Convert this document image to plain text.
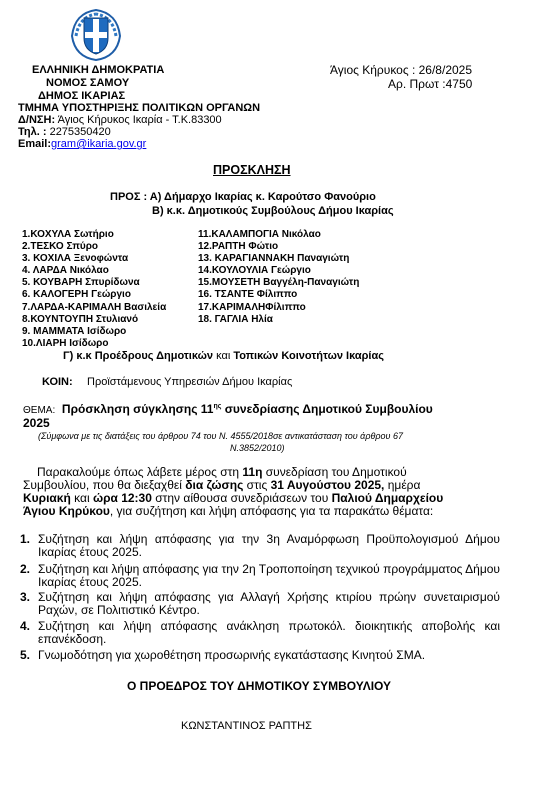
ΕΛΛΗΝΙΚΗ ΔΗΜΟΚΡΑΤΙΑ
ΝΟΜΟΣ ΣΑΜΟΥ
ΔΗΜΟΣ ΙΚΑΡΙΑΣ
ΤΜΗΜΑ ΥΠΟΣΤΗΡΙΞΗΣ ΠΟΛΙΤΙΚΩΝ ΟΡΓΑΝΩΝ
Δ/ΝΣΗ: Άγιος Κήρυκος Ικαρία - Τ.Κ.83300
Τηλ. : 2275350420
Email:gram@ikaria.gov.gr
Άγιος Κήρυκος : 26/8/2025
Αρ. Πρωτ :4750
ΠΡΟΣΚΛΗΣΗ
ΠΡΟΣ : Α) Δήμαρχο Ικαρίας κ. Καρούτσο Φανούριο
Β) κ.κ. Δημοτικούς Συμβούλους Δήμου Ικαρίας
1.ΚΟΧΥΛΑ Σωτήριο
2.ΤΕΣΚΟ Σπύρο
3. ΚΟΧΙΛΑ Ξενοφώντα
4. ΛΑΡΔΑ Νικόλαο
5. ΚΟΥΒΑΡΗ Σπυρίδωνα
6. ΚΑΛΟΓΕΡΗ Γεώργιο
7.ΛΑΡΔΑ-ΚΑΡΙΜΑΛΗ Βασιλεία
8.ΚΟΥΝΤΟΥΠΗ Στυλιανό
9. ΜΑΜΜΑΤΑ Ισίδωρο
10.ΛΙΑΡΗ Ισίδωρο
11.ΚΑΛΑΜΠΟΓΙΑ Νικόλαο
12.ΡΑΠΤΗ Φώτιο
13. ΚΑΡΑΓΙΑΝΝΑΚΗ Παναγιώτη
14.ΚΟΥΛΟΥΛΙΑ Γεώργιο
15.ΜΟΥΣΕΤΗ Βαγγέλη-Παναγιώτη
16. ΤΣΑΝΤΕ Φίλιππο
17.ΚΑΡΙΜΑΛΗΦίλιππο
18. ΓΑΓΛΙΑ Ηλία
Γ) κ.κ Προέδρους Δημοτικών και Τοπικών Κοινοτήτων Ικαρίας
ΚΟΙΝ: Προϊστάμενους Υπηρεσιών Δήμου Ικαρίας
ΘΕΜΑ: Πρόσκληση σύγκλησης $11^{\eta\varsigma}$ συνεδρίασης Δημοτικού Συμβουλίου
2025
(Σύμφωνα με τις διατάξεις του άρθρου 74 του Ν. 4555/2018σε αντικατάσταση του άρθρου 67
Ν.3852/2010)
Παρακαλούμε όπως λάβετε μέρος στη 11η συνεδρίαση του Δημοτικού
Συμβουλίου, που θα διεξαχθεί δια ζώσης στις 31 Αυγούστου 2025, ημέρα
Κυριακή και ώρα 12:30 στην αίθουσα συνεδριάσεων του Παλιού Δημαρχείου
Άγιου Κηρύκου, για συζήτηση και λήψη απόφασης για τα παρακάτω θέματα:
1. Συζήτηση και λήψη απόφασης για την 3η Αναμόρφωση Προϋπολογισμού Δήμου Ικαρίας έτους 2025.
2. Συζήτηση και λήψη απόφασης για την 2η Τροποποίηση τεχνικού προγράμματος Δήμου Ικαρίας έτους 2025.
3. Συζήτηση και λήψη απόφασης για Αλλαγή Χρήσης κτιρίου πρώην συνεταιρισμού Ραχών, σε Πολιτιστικό Κέντρο.
4. Συζήτηση και λήψη απόφασης ανάκληση πρωτοκόλ. διοικητικής αποβολής και επανέκδοση.
5. Γνωμοδότηση για χωροθέτηση προσωρινής εγκατάστασης Κινητού ΣΜΑ.
Ο ΠΡΟΕΔΡΟΣ ΤΟΥ ΔΗΜΟΤΙΚΟΥ ΣΥΜΒΟΥΛΙΟΥ
ΚΩΝΣΤΑΝΤΙΝΟΣ ΡΑΠΤΗΣ
